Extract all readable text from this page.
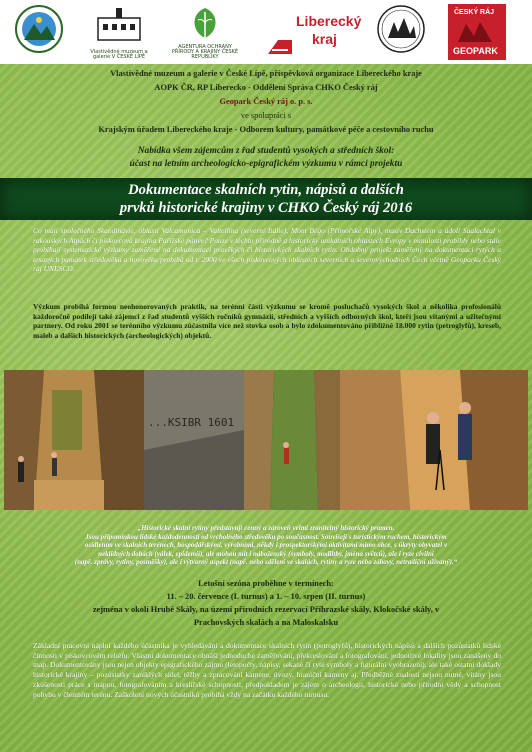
Vlastivědné muzeum a galerie V ČESKÉ LÍPĚ
AGENTURA OCHRANY PŘÍRODY A KRAJINY ČESKÉ REPUBLIKY
Liberecký
kraj
ČESKÝ RÁJ
GEOPARK
Vlastivědné muzeum a galerie v České Lípě, příspěvková organizace Libereckého kraje
AOPK ČR, RP Liberecko - Oddělení Správa CHKO Český ráj
Geopark Český ráj o. p. s.
ve spolupráci s
Krajským úřadem Libereckého kraje - Odborem kultury, památkové péče a cestovního ruchu
Nabídka všem zájemcům z řad studentů vysokých a středních škol:
účast na letním archeologicko-epigrafickém výzkumu v rámci projektu
Dokumentace skalních rytin, nápisů a dalších
prvků historické krajiny v CHKO Český ráj 2016
Co mají společného Skandinávie, oblasti Valcamonica – Valtellina (severní Itálie), Mont Bégo (Přímořské Alpy), masiv Dachstein a údolí Saalachtal v rakouských Alpách či pískovcová krajina Pařížské pánve? Pouze v těchto přírodně a historicky unikátních oblastech Evropy v minulosti probíhly nebo stále probíhají systematické výzkumy zaměřené na dokumentaci pravěkých či historických skalních rytin. Obdobný projekt zaměřený na dokumentaci rytých a tesaných památek středověku a novověku probíhá od r. 2000 ve všech pískovcových oblastech severních a severovýchodních Čech včetně Geoparku Český ráj UNESCO.
Výzkum probíhá formou neohonorovaných praktik, na terénní části výzkumu se kromě posluchačů vysokých škol a několika profesionálů každoročně podílejí také zájemci z řad studentů vyšších ročníků gymnázií, středních a vyšších odborných škol, kteří jsou vítanými a užitečnými partnery. Od roku 2001 se terénního výzkumu zúčastnila více než stovka osob a bylo zdokumentováno přibližně 18.000 rytin (petroglyfů), kreseb, maleb a dalších historických (archeologických) objektů.
...KSIBR 1601
„Historické skalní rytiny představují cenný a zároveň velmi zranitelný historický pramen.
Jsou připomínkou lidské každodennosti od vrcholného středověku po současnost. Souvisejí s turistickým ruchem, historickým
osídlením ve skalních terénech, hospodářskými, výrobními, někdy i prospektorskými aktivitami mimo obce, s úkryty obyvatel v
neklidných dobách (válek, epidemií), ale mohou mít i náboženský (symboly, modlitby, jména světců), ale i ryze civilní
(např. zprávy, rytiny, posměšky), ale i výtvarný aspekt (např. nebo sdělení ve skalách, rytiny a ryze nebo zábavy, netradiční užívaný).“
Letošní sezóna proběhne v termínech:
11. – 20. července (I. turnus) a 1. – 10. srpen (II. turnus)
zejména v okolí Hrubé Skály, na území přírodních rezervací Příhrazské skály, Klokočské skály, v
Prachovských skalách a na Maloskalsku
Základní pracovní náplní každého účastníka je vyhledávání a dokumentace skalních rytin (petroglyfů), historických nápisů a dalších pozůstatků lidské činnosti v pískovcovém reliéfu. Vlastní dokumentace obnáší jednoduché zaměřování, překreslování a fotografování, jednotlivé lokality jsou zanášeny do map. Dokumentovány jsou nejen objekty epigrafického zájmu (letopočty, nápisy, sekané či ryté symboly a figurální vyobrazení), ale také ostatní doklady historické krajiny – pozůstatky zaniklých sídel, těžby a zpracování kamene, úvozy, hraniční kameny aj. Předběžné znalosti nejsou nutné, vítány jsou zkušenosti práce s mapou, fotografováním a kreslířské schopnosti, předpokladem je zájem o archeologii, historické nebo přírodní vědy a schopnost pohybu v členitém terénu. Zaškolení nových účastníků probíhá vždy na začátku každého turnusu.
